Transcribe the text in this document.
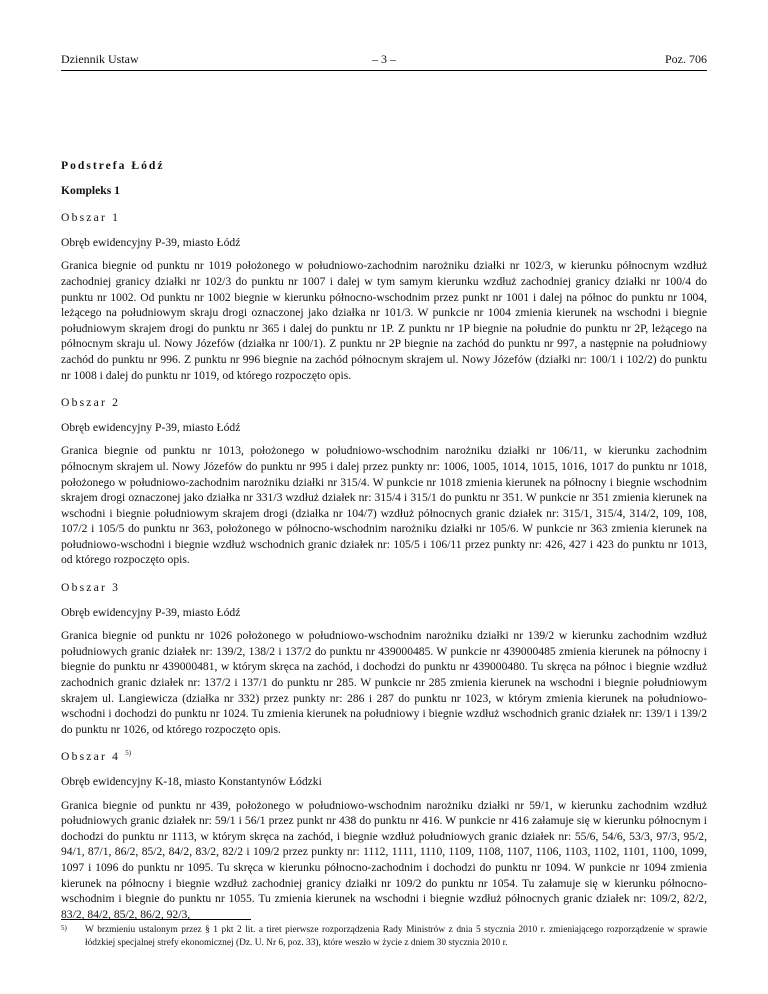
Dziennik Ustaw	– 3 –	Poz. 706
Podstrefa Łódź
Kompleks 1
Obszar 1
Obręb ewidencyjny P-39, miasto Łódź
Granica biegnie od punktu nr 1019 położonego w południowo-zachodnim narożniku działki nr 102/3, w kierunku północnym wzdłuż zachodniej granicy działki nr 102/3 do punktu nr 1007 i dalej w tym samym kierunku wzdłuż zachodniej granicy działki nr 100/4 do punktu nr 1002. Od punktu nr 1002 biegnie w kierunku północno-wschodnim przez punkt nr 1001 i dalej na północ do punktu nr 1004, leżącego na południowym skraju drogi oznaczonej jako działka nr 101/3. W punkcie nr 1004 zmienia kierunek na wschodni i biegnie południowym skrajem drogi do punktu nr 365 i dalej do punktu nr 1P. Z punktu nr 1P biegnie na południe do punktu nr 2P, leżącego na północnym skraju ul. Nowy Józefów (działka nr 100/1). Z punktu nr 2P biegnie na zachód do punktu nr 997, a następnie na południowy zachód do punktu nr 996. Z punktu nr 996 biegnie na zachód północnym skrajem ul. Nowy Józefów (działki nr: 100/1 i 102/2) do punktu nr 1008 i dalej do punktu nr 1019, od którego rozpoczęto opis.
Obszar 2
Obręb ewidencyjny P-39, miasto Łódź
Granica biegnie od punktu nr 1013, położonego w południowo-wschodnim narożniku działki nr 106/11, w kierunku zachodnim północnym skrajem ul. Nowy Józefów do punktu nr 995 i dalej przez punkty nr: 1006, 1005, 1014, 1015, 1016, 1017 do punktu nr 1018, położonego w południowo-zachodnim narożniku działki nr 315/4. W punkcie nr 1018 zmienia kierunek na północny i biegnie wschodnim skrajem drogi oznaczonej jako działka nr 331/3 wzdłuż działek nr: 315/4 i 315/1 do punktu nr 351. W punkcie nr 351 zmienia kierunek na wschodni i biegnie południowym skrajem drogi (działka nr 104/7) wzdłuż północnych granic działek nr: 315/1, 315/4, 314/2, 109, 108, 107/2 i 105/5 do punktu nr 363, położonego w północno-wschodnim narożniku działki nr 105/6. W punkcie nr 363 zmienia kierunek na południowo-wschodni i biegnie wzdłuż wschodnich granic działek nr: 105/5 i 106/11 przez punkty nr: 426, 427 i 423 do punktu nr 1013, od którego rozpoczęto opis.
Obszar 3
Obręb ewidencyjny P-39, miasto Łódź
Granica biegnie od punktu nr 1026 położonego w południowo-wschodnim narożniku działki nr 139/2 w kierunku zachodnim wzdłuż południowych granic działek nr: 139/2, 138/2 i 137/2 do punktu nr 439000485. W punkcie nr 439000485 zmienia kierunek na północny i biegnie do punktu nr 439000481, w którym skręca na zachód, i dochodzi do punktu nr 439000480. Tu skręca na północ i biegnie wzdłuż zachodnich granic działek nr: 137/2 i 137/1 do punktu nr 285. W punkcie nr 285 zmienia kierunek na wschodni i biegnie południowym skrajem ul. Langiewicza (działka nr 332) przez punkty nr: 286 i 287 do punktu nr 1023, w którym zmienia kierunek na południowo-wschodni i dochodzi do punktu nr 1024. Tu zmienia kierunek na południowy i biegnie wzdłuż wschodnich granic działek nr: 139/1 i 139/2 do punktu nr 1026, od którego rozpoczęto opis.
Obszar 4 $^{5)}$
Obręb ewidencyjny K-18, miasto Konstantynów Łódzki
Granica biegnie od punktu nr 439, położonego w południowo-wschodnim narożniku działki nr 59/1, w kierunku zachodnim wzdłuż południowych granic działek nr: 59/1 i 56/1 przez punkt nr 438 do punktu nr 416. W punkcie nr 416 załamuje się w kierunku północnym i dochodzi do punktu nr 1113, w którym skręca na zachód, i biegnie wzdłuż południowych granic działek nr: 55/6, 54/6, 53/3, 97/3, 95/2, 94/1, 87/1, 86/2, 85/2, 84/2, 83/2, 82/2 i 109/2 przez punkty nr: 1112, 1111, 1110, 1109, 1108, 1107, 1106, 1103, 1102, 1101, 1100, 1099, 1097 i 1096 do punktu nr 1095. Tu skręca w kierunku północno-zachodnim i dochodzi do punktu nr 1094. W punkcie nr 1094 zmienia kierunek na północny i biegnie wzdłuż zachodniej granicy działki nr 109/2 do punktu nr 1054. Tu załamuje się w kierunku północno-wschodnim i biegnie do punktu nr 1055. Tu zmienia kierunek na wschodni i biegnie wzdłuż północnych granic działek nr: 109/2, 82/2, 83/2, 84/2, 85/2, 86/2, 92/3,
5) W brzmieniu ustalonym przez § 1 pkt 2 lit. a tiret pierwsze rozporządzenia Rady Ministrów z dnia 5 stycznia 2010 r. zmieniającego rozporządzenie w sprawie łódzkiej specjalnej strefy ekonomicznej (Dz. U. Nr 6, poz. 33), które weszło w życie z dniem 30 stycznia 2010 r.
